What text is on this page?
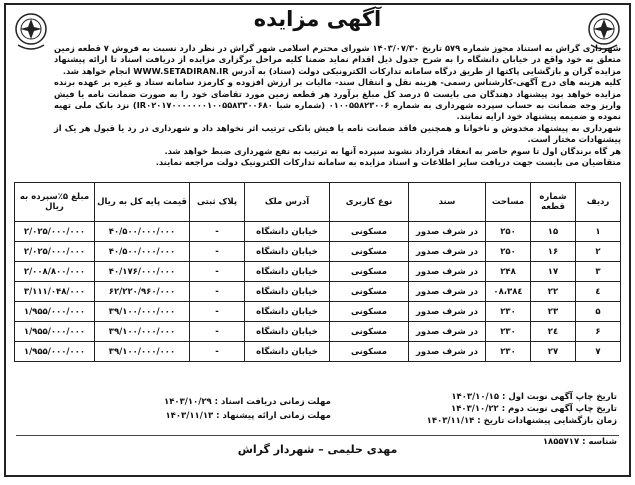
آگهی مزایده

شهرداری گراش به استناد مجوز شماره ۵۷۹ تاریخ ۱۴۰۳/۰۷/۳۰ شورای محترم اسلامی شهر گراش در نظر دارد نسبت به فروش ۷ قطعه زمین متعلق به خود واقع در خیابان دانشگاه را به شرح جدول ذیل اقدام نماید ضمنا کلیه مراحل برگزاری مزایده از دریافت اسناد تا ارائه پیشنهاد مزایده گران و بازگشایی پاکتها از طریق درگاه سامانه تدارکات الکترونیکی دولت (ستاد) به آدرس WWW.SETADIRAN.IR انجام خواهد شد.

کلیه هزینه های درج آگهی-کارشناس رسمی- هزینه نقل و انتقال سند- مالیات بر ارزش افزوده و کارمزد سامانه ستاد و غیره بر عهده برنده مزایده خواهد بود پیشنهاد دهندگان می بایست ۵ درصد کل مبلغ برآورد هر قطعه زمین مورد تقاضای خود را به صورت ضمانت نامه یا فیش واریز وجه ضمانت به حساب سپرده شهرداری به شماره ۰۱۰۰۵۵۸۲۳۰۰۶ (شماره شبا IR۰۲۰۱۷۰۰۰۰۰۰۰۱۰۰۵۵۸۳۳۰۰۶۸۰) نزد بانک ملی تهیه نموده و ضمیمه پیشنهاد خود ارایه نمایند.

شهرداری به پیشنهاد مخدوش و ناخوانا و همچنین فاقد ضمانت نامه یا فیش بانکی ترتیب اثر نخواهد داد و شهرداری در رد یا قبول هر یک از پیشنهادات مختار است.

هر گاه برندگان اول تا سوم حاضر به انعقاد قرارداد نشوند سپرده آنها به ترتیب به نفع شهرداری ضبط خواهد شد.

متقاضیان می بایست جهت دریافت سایر اطلاعات و اسناد مزایده به سامانه تدارکات الکترونیک دولت مراجعه نمایند.

ردیف	شماره قطعه	مساحت	سند	نوع کاربری	آدرس ملک	پلاک ثبتی	قیمت پایه کل به ریال	مبلغ ۵٪سپرده به ریال
۱	۱۵	۲۵۰	در شرف صدور	مسکونی	خیابان دانشگاه	-	۴۰/۵۰۰/۰۰۰/۰۰۰	۲/۰۲۵/۰۰۰/۰۰۰
۲	۱۶	۲۵۰	در شرف صدور	مسکونی	خیابان دانشگاه	-	۴۰/۵۰۰/۰۰۰/۰۰۰	۲/۰۲۵/۰۰۰/۰۰۰
۳	۱۷	۲۴۸	در شرف صدور	مسکونی	خیابان دانشگاه	-	۴۰/۱۷۶/۰۰۰/۰۰۰	۲/۰۰۸/۸۰۰/۰۰۰
٤	۲۲	۳۸٤،۰۸	در شرف صدور	مسکونی	خیابان دانشگاه	-	۶۲/۲۲۰/۹۶۰/۰۰۰	۳/۱۱۱/۰۴۸/۰۰۰
۵	۲۳	۲۳۰	در شرف صدور	مسکونی	خیابان دانشگاه	-	۳۹/۱۰۰/۰۰۰/۰۰۰	۱/۹۵۵/۰۰۰/۰۰۰
۶	۲٤	۲۳۰	در شرف صدور	مسکونی	خیابان دانشگاه	-	۳۹/۱۰۰/۰۰۰/۰۰۰	۱/۹۵۵/۰۰۰/۰۰۰
۷	۲۷	۲۳۰	در شرف صدور	مسکونی	خیابان دانشگاه	-	۳۹/۱۰۰/۰۰۰/۰۰۰	۱/۹۵۵/۰۰۰/۰۰۰
تاریخ چاپ آگهی نوبت اول : ۱۴۰۳/۱۰/۱۵
تاریخ چاپ آگهی نوبت دوم : ۱۴۰۳/۱۰/۲۲
زمان بازگشایی پیشنهادات تاریخ : ۱۴۰۳/۱۱/۱۴
مهلت زمانی دریافت اسناد : ۱۴۰۳/۱۰/۲۹
مهلت زمانی ارائه پیشنهاد : ۱۴۰۳/۱۱/۱۳
شناسه : ۱۸۵۵۷۱۷
مهدی حلیمی – شهردار گراش
